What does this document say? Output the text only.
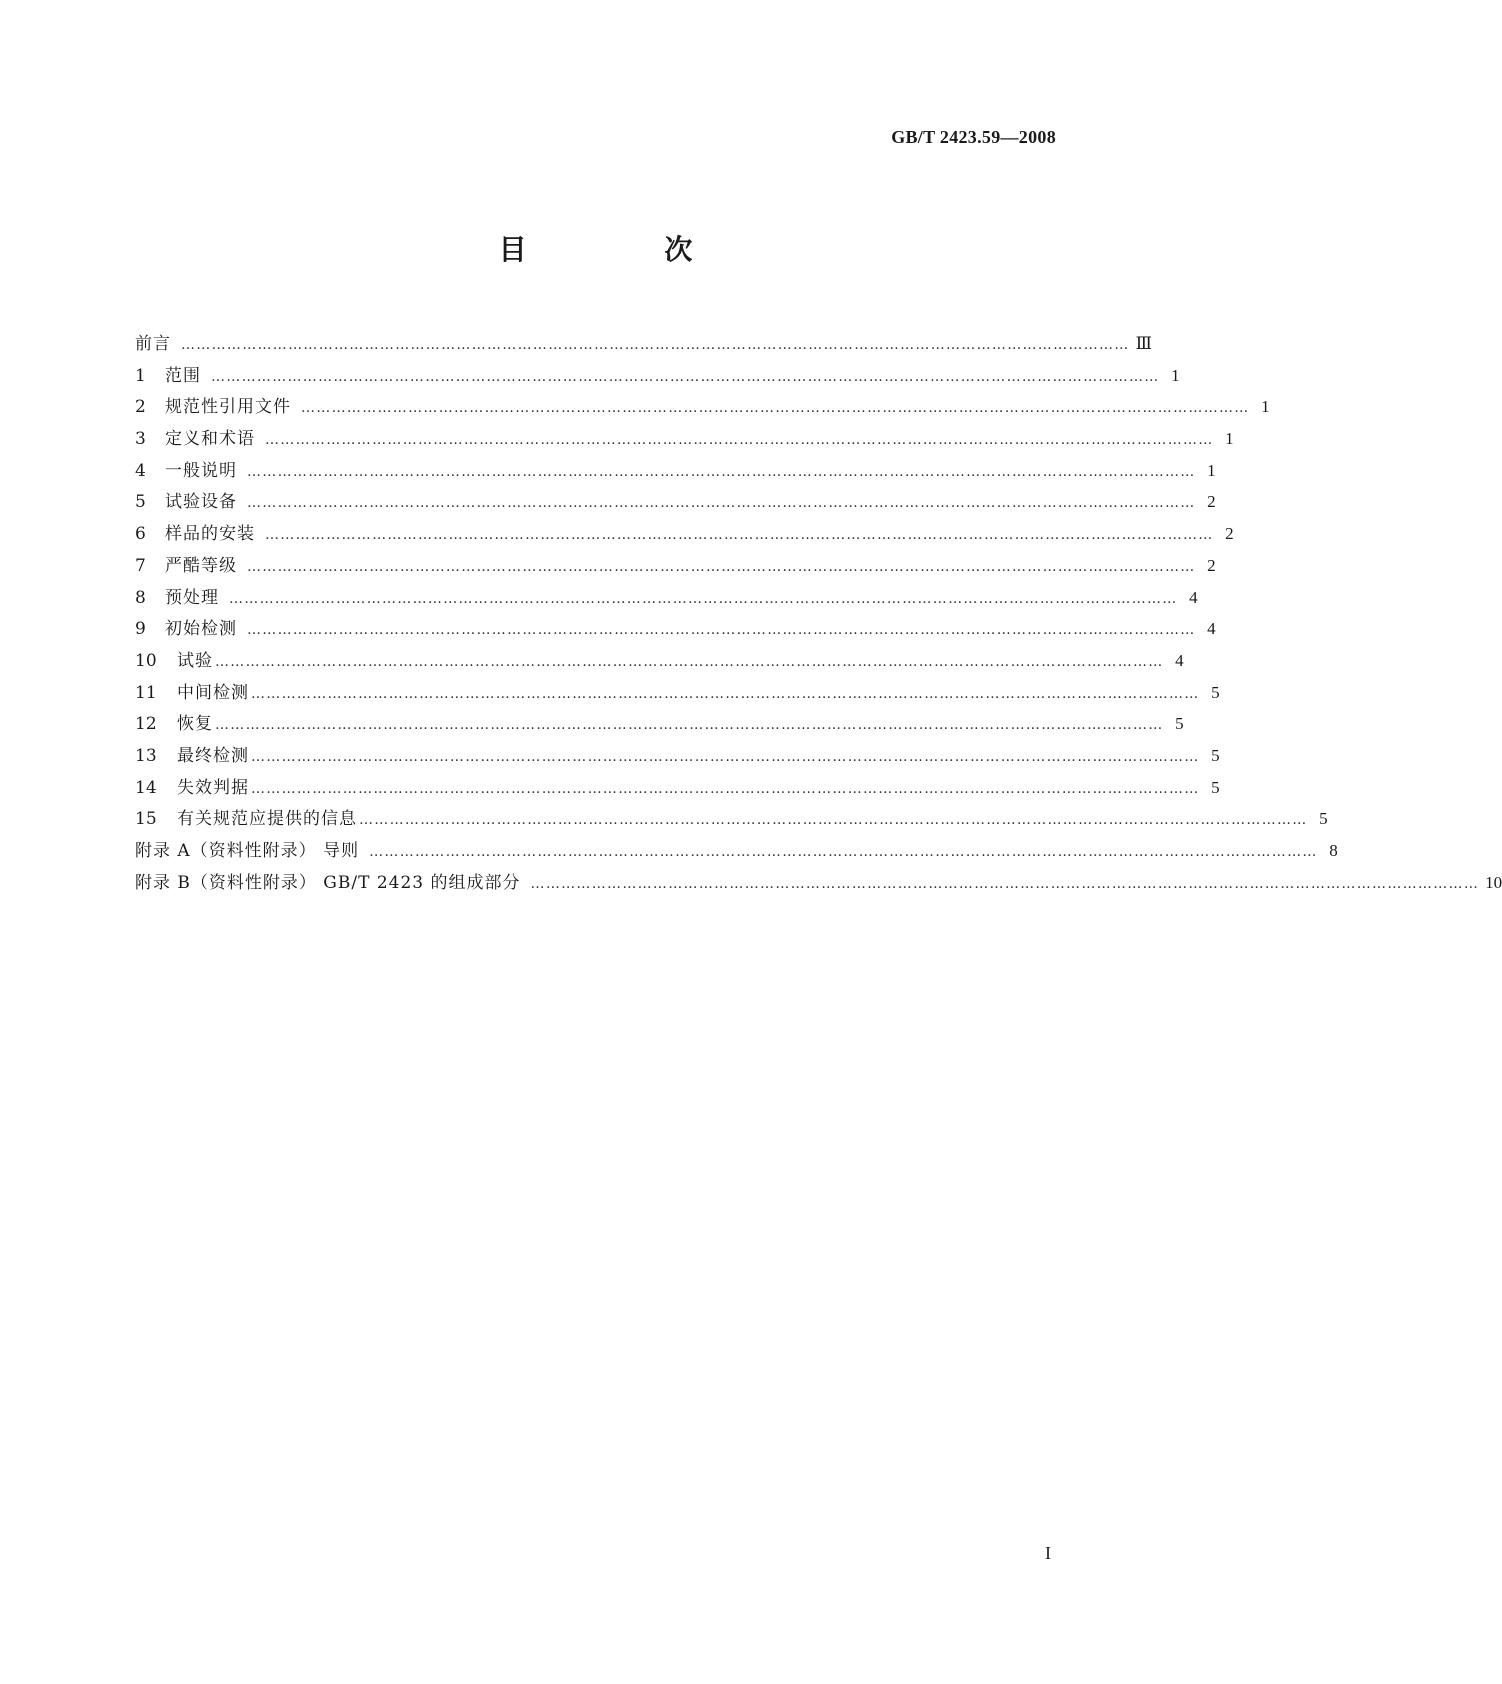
GB/T 2423.59—2008
目 次
前言 …………………………………………………………………………………………………………………………………………………………………… Ⅲ
1	范围 …………………………………………………………………………………………………………………………………………………………………… 1
2	规范性引用文件 …………………………………………………………………………………………………………………………………………………………………… 1
3	定义和术语 …………………………………………………………………………………………………………………………………………………………………… 1
4	一般说明 …………………………………………………………………………………………………………………………………………………………………… 1
5	试验设备 …………………………………………………………………………………………………………………………………………………………………… 2
6	样品的安装 …………………………………………………………………………………………………………………………………………………………………… 2
7	严酷等级 …………………………………………………………………………………………………………………………………………………………………… 2
8	预处理 …………………………………………………………………………………………………………………………………………………………………… 4
9	初始检测 …………………………………………………………………………………………………………………………………………………………………… 4
10	试验 …………………………………………………………………………………………………………………………………………………………………… 4
11	中间检测 …………………………………………………………………………………………………………………………………………………………………… 5
12	恢复 …………………………………………………………………………………………………………………………………………………………………… 5
13	最终检测 …………………………………………………………………………………………………………………………………………………………………… 5
14	失效判据 …………………………………………………………………………………………………………………………………………………………………… 5
15	有关规范应提供的信息 …………………………………………………………………………………………………………………………………………………………………… 5
附录 A（资料性附录） 导则 …………………………………………………………………………………………………………………………………………………………………… 8
附录 B（资料性附录） GB/T 2423 的组成部分 …………………………………………………………………………………………………………………………………………………………………… 10
I
